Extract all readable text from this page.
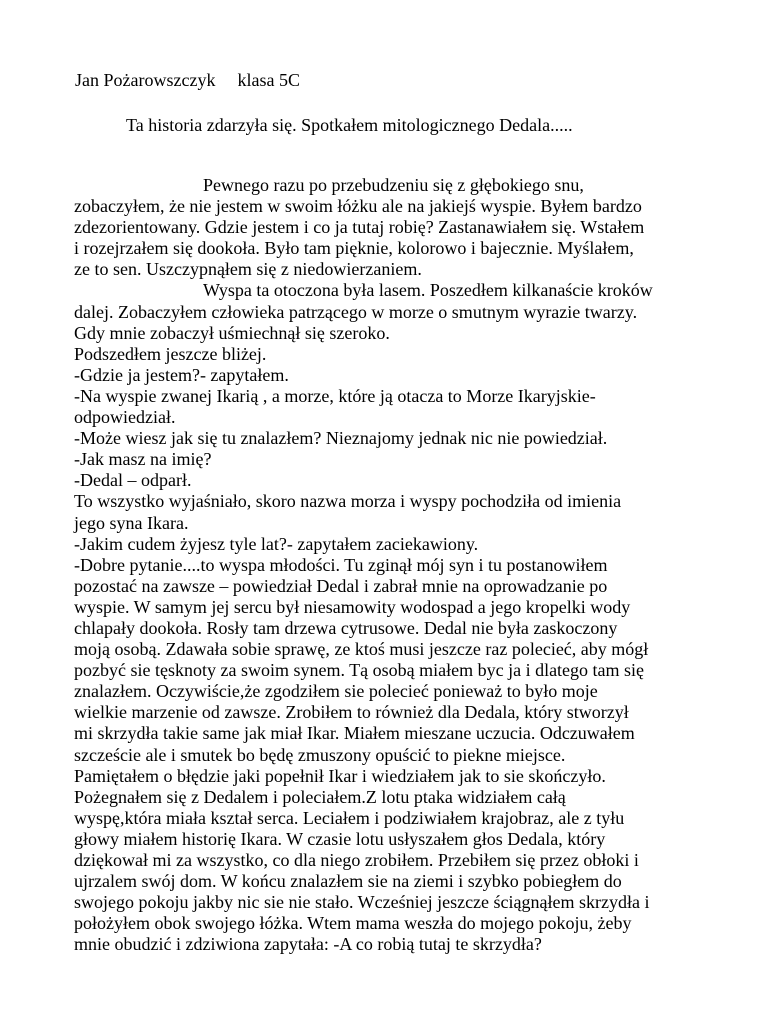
Jan Pożarowszczyk klasa 5C
Ta historia zdarzyła się. Spotkałem mitologicznego Dedala.....
Pewnego razu po przebudzeniu się z głębokiego snu,
zobaczyłem, że nie jestem w swoim łóżku ale na jakiejś wyspie. Byłem bardzo
zdezorientowany. Gdzie jestem i co ja tutaj robię? Zastanawiałem się. Wstałem
i rozejrzałem się dookoła. Było tam pięknie, kolorowo i bajecznie. Myślałem,
ze to sen. Uszczypnąłem się z niedowierzaniem.
Wyspa ta otoczona była lasem. Poszedłem kilkanaście kroków
dalej. Zobaczyłem człowieka patrzącego w morze o smutnym wyrazie twarzy.
Gdy mnie zobaczył uśmiechnął się szeroko.
Podszedłem jeszcze bliżej.
-Gdzie ja jestem?- zapytałem.
-Na wyspie zwanej Ikarią , a morze, które ją otacza to Morze Ikaryjskie-
odpowiedział.
-Może wiesz jak się tu znalazłem? Nieznajomy jednak nic nie powiedział.
-Jak masz na imię?
-Dedal – odparł.
To wszystko wyjaśniało, skoro nazwa morza i wyspy pochodziła od imienia
jego syna Ikara.
-Jakim cudem żyjesz tyle lat?- zapytałem zaciekawiony.
-Dobre pytanie....to wyspa młodości. Tu zginął mój syn i tu postanowiłem
pozostać na zawsze – powiedział Dedal i zabrał mnie na oprowadzanie po
wyspie. W samym jej sercu był niesamowity wodospad a jego kropelki wody
chlapały dookoła. Rosły tam drzewa cytrusowe. Dedal nie była zaskoczony
moją osobą. Zdawała sobie sprawę, ze ktoś musi jeszcze raz polecieć, aby mógł
pozbyć sie tęsknoty za swoim synem. Tą osobą miałem byc ja i dlatego tam się
znalazłem. Oczywiście,że zgodziłem sie polecieć ponieważ to było moje
wielkie marzenie od zawsze. Zrobiłem to również dla Dedala, który stworzył
mi skrzydła takie same jak miał Ikar. Miałem mieszane uczucia. Odczuwałem
szczeście ale i smutek bo będę zmuszony opuścić to piekne miejsce.
Pamiętałem o błędzie jaki popełnił Ikar i wiedziałem jak to sie skończyło.
Pożegnałem się z Dedalem i poleciałem.Z lotu ptaka widziałem całą
wyspę,która miała kształ serca. Leciałem i podziwiałem krajobraz, ale z tyłu
głowy miałem historię Ikara. W czasie lotu usłyszałem głos Dedala, który
dziękował mi za wszystko, co dla niego zrobiłem. Przebiłem się przez obłoki i
ujrzalem swój dom. W końcu znalazłem sie na ziemi i szybko pobiegłem do
swojego pokoju jakby nic sie nie stało. Wcześniej jeszcze ściągnąłem skrzydła i
położyłem obok swojego łóżka. Wtem mama weszła do mojego pokoju, żeby
mnie obudzić i zdziwiona zapytała: -A co robią tutaj te skrzydła?
